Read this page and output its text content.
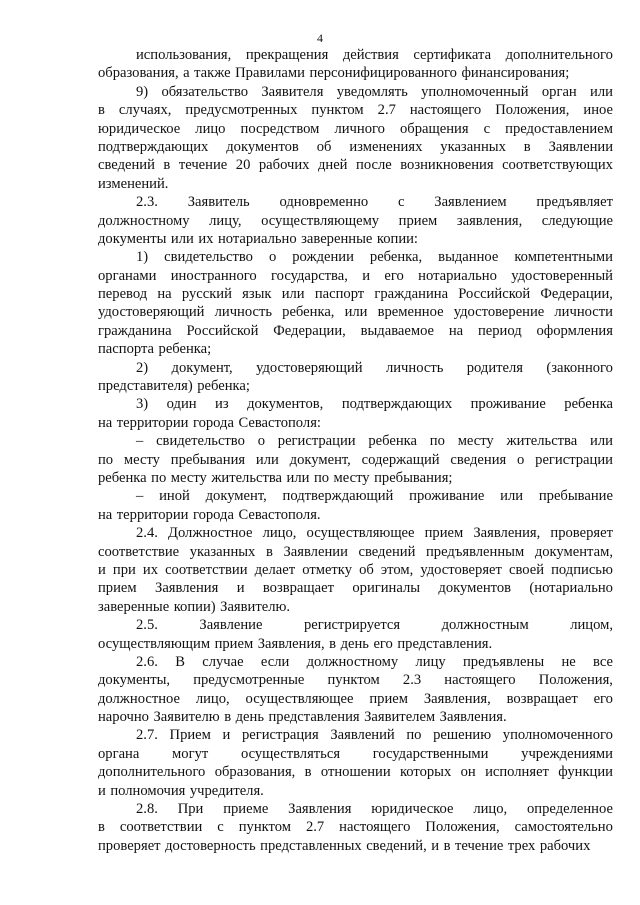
4
использования, прекращения действия сертификата дополнительного
образования, а также Правилами персонифицированного финансирования;
9) обязательство Заявителя уведомлять уполномоченный орган или
в случаях, предусмотренных пунктом 2.7 настоящего Положения, иное
юридическое лицо посредством личного обращения с предоставлением
подтверждающих документов об изменениях указанных в Заявлении
сведений в течение 20 рабочих дней после возникновения соответствующих
изменений.
2.3. Заявитель одновременно с Заявлением предъявляет
должностному лицу, осуществляющему прием заявления, следующие
документы или их нотариально заверенные копии:
1) свидетельство о рождении ребенка, выданное компетентными
органами иностранного государства, и его нотариально удостоверенный
перевод на русский язык или паспорт гражданина Российской Федерации,
удостоверяющий личность ребенка, или временное удостоверение личности
гражданина Российской Федерации, выдаваемое на период оформления
паспорта ребенка;
2) документ, удостоверяющий личность родителя (законного
представителя) ребенка;
3) один из документов, подтверждающих проживание ребенка
на территории города Севастополя:
– свидетельство о регистрации ребенка по месту жительства или
по месту пребывания или документ, содержащий сведения о регистрации
ребенка по месту жительства или по месту пребывания;
– иной документ, подтверждающий проживание или пребывание
на территории города Севастополя.
2.4. Должностное лицо, осуществляющее прием Заявления, проверяет
соответствие указанных в Заявлении сведений предъявленным документам,
и при их соответствии делает отметку об этом, удостоверяет своей подписью
прием Заявления и возвращает оригиналы документов (нотариально
заверенные копии) Заявителю.
2.5.	Заявление	регистрируется	должностным	лицом,
осуществляющим прием Заявления, в день его представления.
2.6. В случае если должностному лицу предъявлены не все
документы, предусмотренные пунктом 2.3 настоящего Положения,
должностное лицо, осуществляющее прием Заявления, возвращает его
нарочно Заявителю в день представления Заявителем Заявления.
2.7. Прием и регистрация Заявлений по решению уполномоченного
органа могут осуществляться государственными учреждениями
дополнительного образования, в отношении которых он исполняет функции
и полномочия учредителя.
2.8. При приеме Заявления юридическое лицо, определенное
в соответствии с пунктом 2.7 настоящего Положения, самостоятельно
проверяет достоверность представленных сведений, и в течение трех рабочих
